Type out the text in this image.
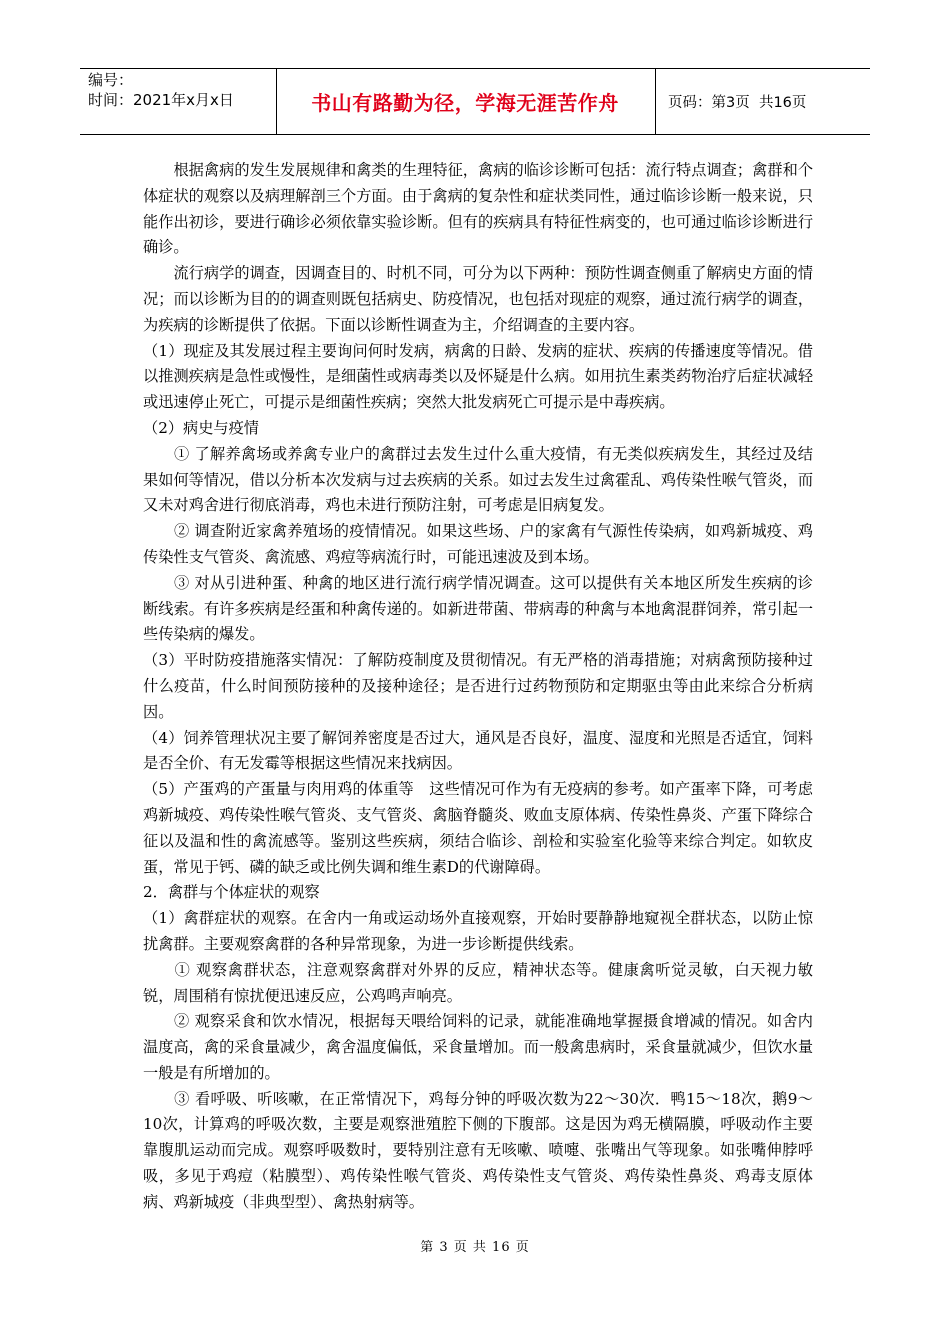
编号：
时间：2021年x月x日	书山有路勤为径，学海无涯苦作舟	页码：第3页  共16页

　　根据禽病的发生发展规律和禽类的生理特征，禽病的临诊诊断可包括：流行特点调查；禽群和个体症状的观察以及病理解剖三个方面。由于禽病的复杂性和症状类同性，通过临诊诊断一般来说，只能作出初诊，要进行确诊必须依靠实验诊断。但有的疾病具有特征性病变的，也可通过临诊诊断进行确诊。

　　流行病学的调查，因调查目的、时机不同，可分为以下两种：预防性调查侧重了解病史方面的情况；而以诊断为目的的调查则既包括病史、防疫情况，也包括对现症的观察，通过流行病学的调查，为疾病的诊断提供了依据。下面以诊断性调查为主，介绍调查的主要内容。

（1）现症及其发展过程主要询问何时发病，病禽的日龄、发病的症状、疾病的传播速度等情况。借以推测疾病是急性或慢性，是细菌性或病毒类以及怀疑是什么病。如用抗生素类药物治疗后症状减轻或迅速停止死亡，可提示是细菌性疾病；突然大批发病死亡可提示是中毒疾病。

（2）病史与疫情

　　① 了解养禽场或养禽专业户的禽群过去发生过什么重大疫情，有无类似疾病发生，其经过及结果如何等情况，借以分析本次发病与过去疾病的关系。如过去发生过禽霍乱、鸡传染性喉气管炎，而又未对鸡舍进行彻底消毒，鸡也未进行预防注射，可考虑是旧病复发。

　　② 调查附近家禽养殖场的疫情情况。如果这些场、户的家禽有气源性传染病，如鸡新城疫、鸡传染性支气管炎、禽流感、鸡痘等病流行时，可能迅速波及到本场。

　　③ 对从引进种蛋、种禽的地区进行流行病学情况调查。这可以提供有关本地区所发生疾病的诊断线索。有许多疾病是经蛋和种禽传递的。如新进带菌、带病毒的种禽与本地禽混群饲养，常引起一些传染病的爆发。

（3）平时防疫措施落实情况：了解防疫制度及贯彻情况。有无严格的消毒措施；对病禽预防接种过什么疫苗，什么时间预防接种的及接种途径；是否进行过药物预防和定期驱虫等由此来综合分析病因。

（4）饲养管理状况主要了解饲养密度是否过大，通风是否良好，温度、湿度和光照是否适宜，饲料是否全价、有无发霉等根据这些情况来找病因。

（5）产蛋鸡的产蛋量与肉用鸡的体重等　这些情况可作为有无疫病的参考。如产蛋率下降，可考虑鸡新城疫、鸡传染性喉气管炎、支气管炎、禽脑脊髓炎、败血支原体病、传染性鼻炎、产蛋下降综合征以及温和性的禽流感等。鉴别这些疾病，须结合临诊、剖检和实验室化验等来综合判定。如软皮蛋，常见于钙、磷的缺乏或比例失调和维生素D的代谢障碍。

2．禽群与个体症状的观察

（1）禽群症状的观察。在舍内一角或运动场外直接观察，开始时要静静地窥视全群状态，以防止惊扰禽群。主要观察禽群的各种异常现象，为进一步诊断提供线索。

　　① 观察禽群状态，注意观察禽群对外界的反应，精神状态等。健康禽听觉灵敏，白天视力敏锐，周围稍有惊扰便迅速反应，公鸡鸣声响亮。

　　② 观察采食和饮水情况，根据每天喂给饲料的记录，就能准确地掌握摄食增减的情况。如舍内温度高，禽的采食量减少，禽舍温度偏低，采食量增加。而一般禽患病时，采食量就减少，但饮水量一般是有所增加的。

　　③ 看呼吸、听咳嗽，在正常情况下，鸡每分钟的呼吸次数为22～30次．鸭15～18次，鹅9～10次，计算鸡的呼吸次数，主要是观察泄殖腔下侧的下腹部。这是因为鸡无横隔膜，呼吸动作主要靠腹肌运动而完成。观察呼吸数时，要特别注意有无咳嗽、喷嚏、张嘴出气等现象。如张嘴伸脖呼吸，多见于鸡痘（粘膜型）、鸡传染性喉气管炎、鸡传染性支气管炎、鸡传染性鼻炎、鸡毒支原体病、鸡新城疫（非典型型）、禽热射病等。

第 3 页 共 16 页
